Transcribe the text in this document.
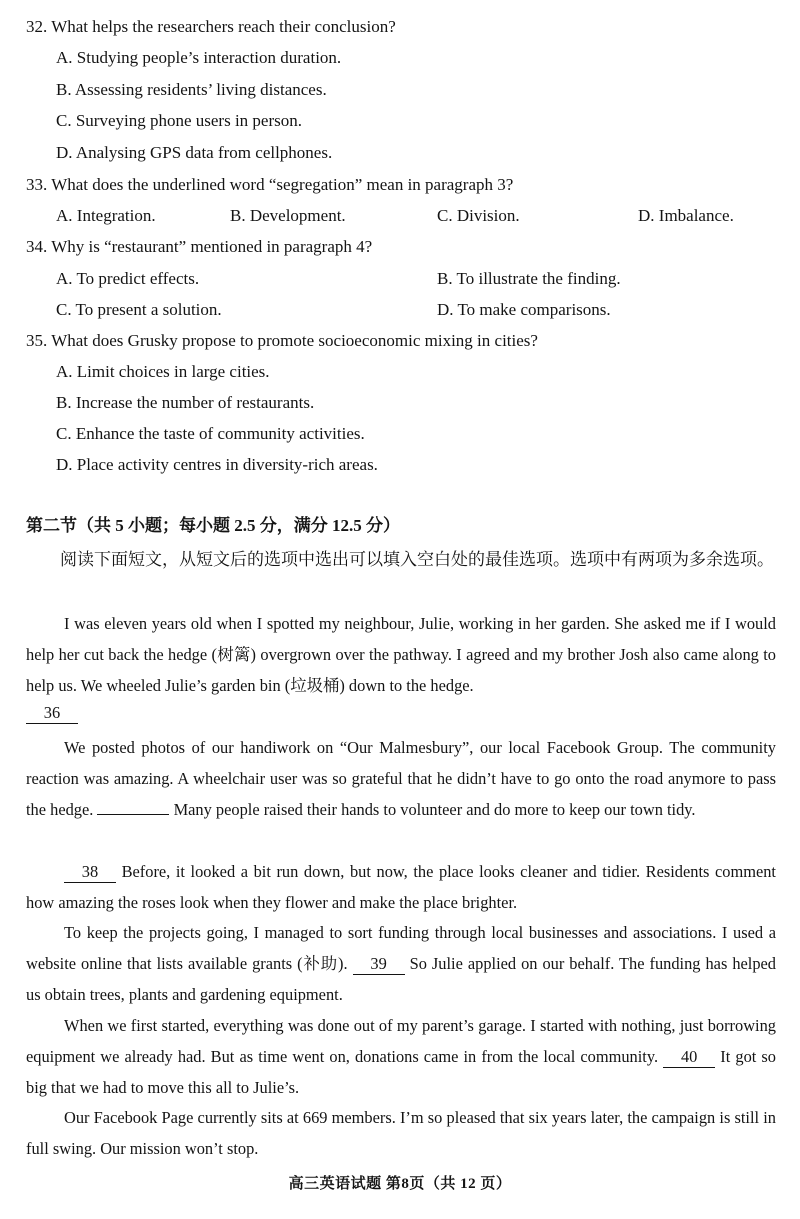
32. What helps the researchers reach their conclusion?
A. Studying people’s interaction duration.
B. Assessing residents’ living distances.
C. Surveying phone users in person.
D. Analysing GPS data from cellphones.
33. What does the underlined word “segregation” mean in paragraph 3?
A. Integration.	B. Development.	C. Division.	D. Imbalance.
34. Why is “restaurant” mentioned in paragraph 4?
A. To predict effects.	B. To illustrate the finding.
C. To present a solution.	D. To make comparisons.
35. What does Grusky propose to promote socioeconomic mixing in cities?
A. Limit choices in large cities.
B. Increase the number of restaurants.
C. Enhance the taste of community activities.
D. Place activity centres in diversity-rich areas.
第二节（共 5 小题；每小题 2.5 分，满分 12.5 分）
阅读下面短文，从短文后的选项中选出可以填入空白处的最佳选项。选项中有两项为多余选项。
I was eleven years old when I spotted my neighbour, Julie, working in her garden. She asked me if I would help her cut back the hedge (树篱) overgrown over the pathway. I agreed and my brother Josh also came along to help us. We wheeled Julie’s garden bin (垃圾桶) down to the hedge.
36
We posted photos of our handiwork on “Our Malmesbury”, our local Facebook Group. The community reaction was amazing. A wheelchair user was so grateful that he didn’t have to go onto the road anymore to pass the hedge.	Many people raised their hands to volunteer and do more to keep our town tidy.
38 Before, it looked a bit run down, but now, the place looks cleaner and tidier. Residents comment how amazing the roses look when they flower and make the place brighter.
To keep the projects going, I managed to sort funding through local businesses and associations. I used a website online that lists available grants (补助). 39 So Julie applied on our behalf. The funding has helped us obtain trees, plants and gardening equipment.
When we first started, everything was done out of my parent’s garage. I started with nothing, just borrowing equipment we already had. But as time went on, donations came in from the local community. 40 It got so big that we had to move this all to Julie’s.
Our Facebook Page currently sits at 669 members. I’m so pleased that six years later, the campaign is still in full swing. Our mission won’t stop.
高三英语试题 第8页（共 12 页）
